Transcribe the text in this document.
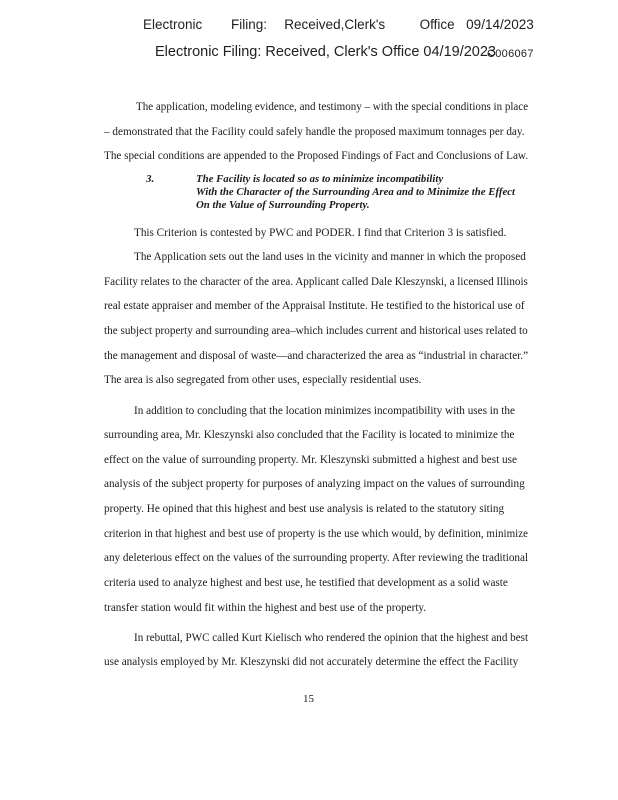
Electronic     Filing:   Received,Clerk's      Office  09/14/2023
Electronic Filing: Received, Clerk's Office 04/19/2023
C006067
The application, modeling evidence, and testimony – with the special conditions in place
– demonstrated that the Facility could safely handle the proposed maximum tonnages per day.
The special conditions are appended to the Proposed Findings of Fact and Conclusions of Law.
3.	The Facility is located so as to minimize incompatibility
With the Character of the Surrounding Area and to Minimize the Effect
On the Value of Surrounding Property.
This Criterion is contested by PWC and PODER. I find that Criterion 3 is satisfied.
The Application sets out the land uses in the vicinity and manner in which the proposed
Facility relates to the character of the area. Applicant called Dale Kleszynski, a licensed Illinois
real estate appraiser and member of the Appraisal Institute. He testified to the historical use of
the subject property and surrounding area–which includes current and historical uses related to
the management and disposal of waste—and characterized the area as “industrial in character.”
The area is also segregated from other uses, especially residential uses.
In addition to concluding that the location minimizes incompatibility with uses in the
surrounding area, Mr. Kleszynski also concluded that the Facility is located to minimize the
effect on the value of surrounding property. Mr. Kleszynski submitted a highest and best use
analysis of the subject property for purposes of analyzing impact on the values of surrounding
property. He opined that this highest and best use analysis is related to the statutory siting
criterion in that highest and best use of property is the use which would, by definition, minimize
any deleterious effect on the values of the surrounding property. After reviewing the traditional
criteria used to analyze highest and best use, he testified that development as a solid waste
transfer station would fit within the highest and best use of the property.
In rebuttal, PWC called Kurt Kielisch who rendered the opinion that the highest and best
use analysis employed by Mr. Kleszynski did not accurately determine the effect the Facility
15
